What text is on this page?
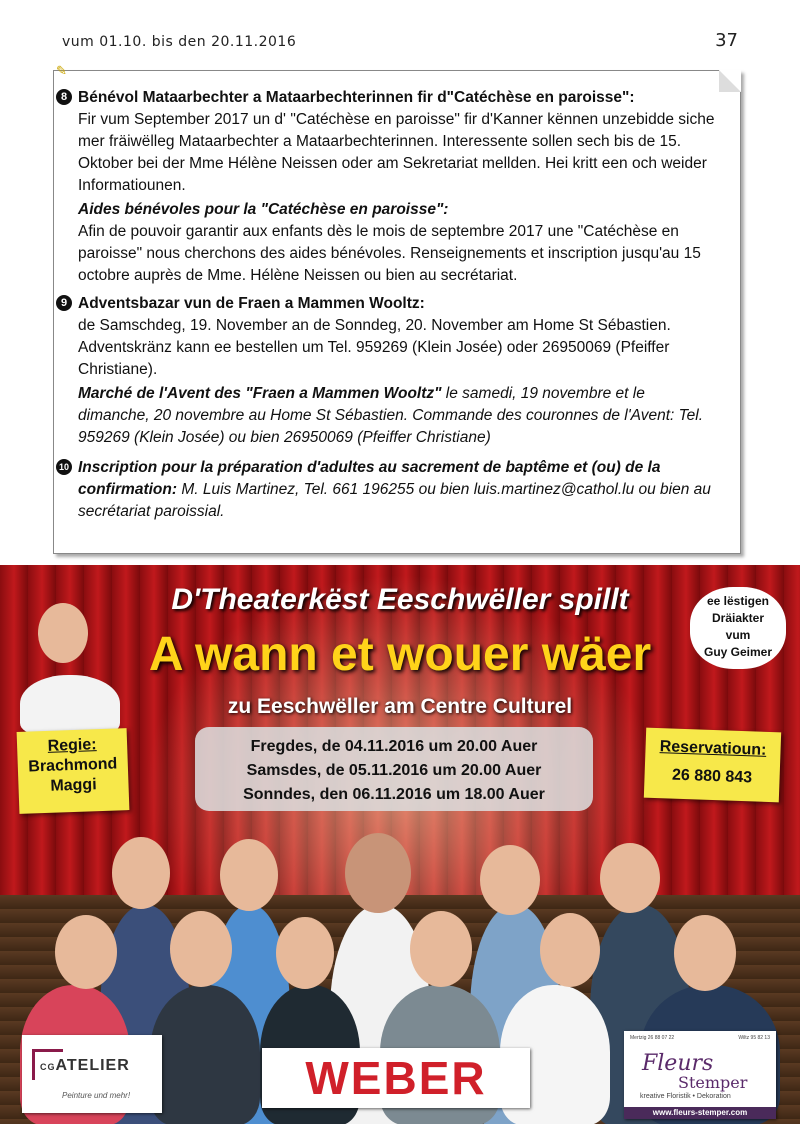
vum 01.10. bis den 20.11.2016	37
✎
8 Bénévol Mataarbechter a Mataarbechterinnen fir d"Catéchèse en paroisse":
Fir vum September 2017 un d' "Catéchèse en paroisse" fir d'Kanner kënnen unzebidde siche mer fräiwëlleg Mataarbechter a Mataarbechterinnen. Interessente sollen sech bis de 15. Oktober bei der Mme Hélène Neissen oder am Sekretariat mellden. Hei kritt een och weider Informatiounen.
Aides bénévoles pour la "Catéchèse en paroisse":
Afin de pouvoir garantir aux enfants dès le mois de septembre 2017 une "Catéchèse en paroisse" nous cherchons des aides bénévoles. Renseignements et inscription jusqu'au 15 octobre auprès de Mme. Hélène Neissen ou bien au secrétariat.
9 Adventsbazar vun de Fraen a Mammen Wooltz:
de Samschdeg, 19. November an de Sonndeg, 20. November am Home St Sébastien. Adventskränz kann ee bestellen um Tel. 959269 (Klein Josée) oder 26950069 (Pfeiffer Christiane).
Marché de l'Avent des "Fraen a Mammen Wooltz" le samedi, 19 novembre et le dimanche, 20 novembre au Home St Sébastien. Commande des couronnes de l'Avent: Tel. 959269 (Klein Josée) ou bien 26950069 (Pfeiffer Christiane)
10 Inscription pour la préparation d'adultes au sacrement de baptême et (ou) de la confirmation: M. Luis Martinez, Tel. 661 196255 ou bien luis.martinez@cathol.lu ou bien au secrétariat paroissial.
D'Theaterkëst Eeschwëller spillt
A wann et wouer wäer
zu Eeschwëller am Centre Culturel
ee lëstigen
Dräiakter
vum
Guy Geimer
Fregdes, de 04.11.2016 um 20.00 Auer
Samsdes, de 05.11.2016 um 20.00 Auer
Sonndes, den 06.11.2016 um 18.00 Auer
Regie:
Brachmond
Maggi
Reservatioun:
26 880 843
CGATELIER
Peinture und mehr!	WEBER
Mertzig 26 88 07 22	Wiltz 95 82 13
Fleurs
Stemper
kreative Floristik • Dekoration
www.fleurs-stemper.com
